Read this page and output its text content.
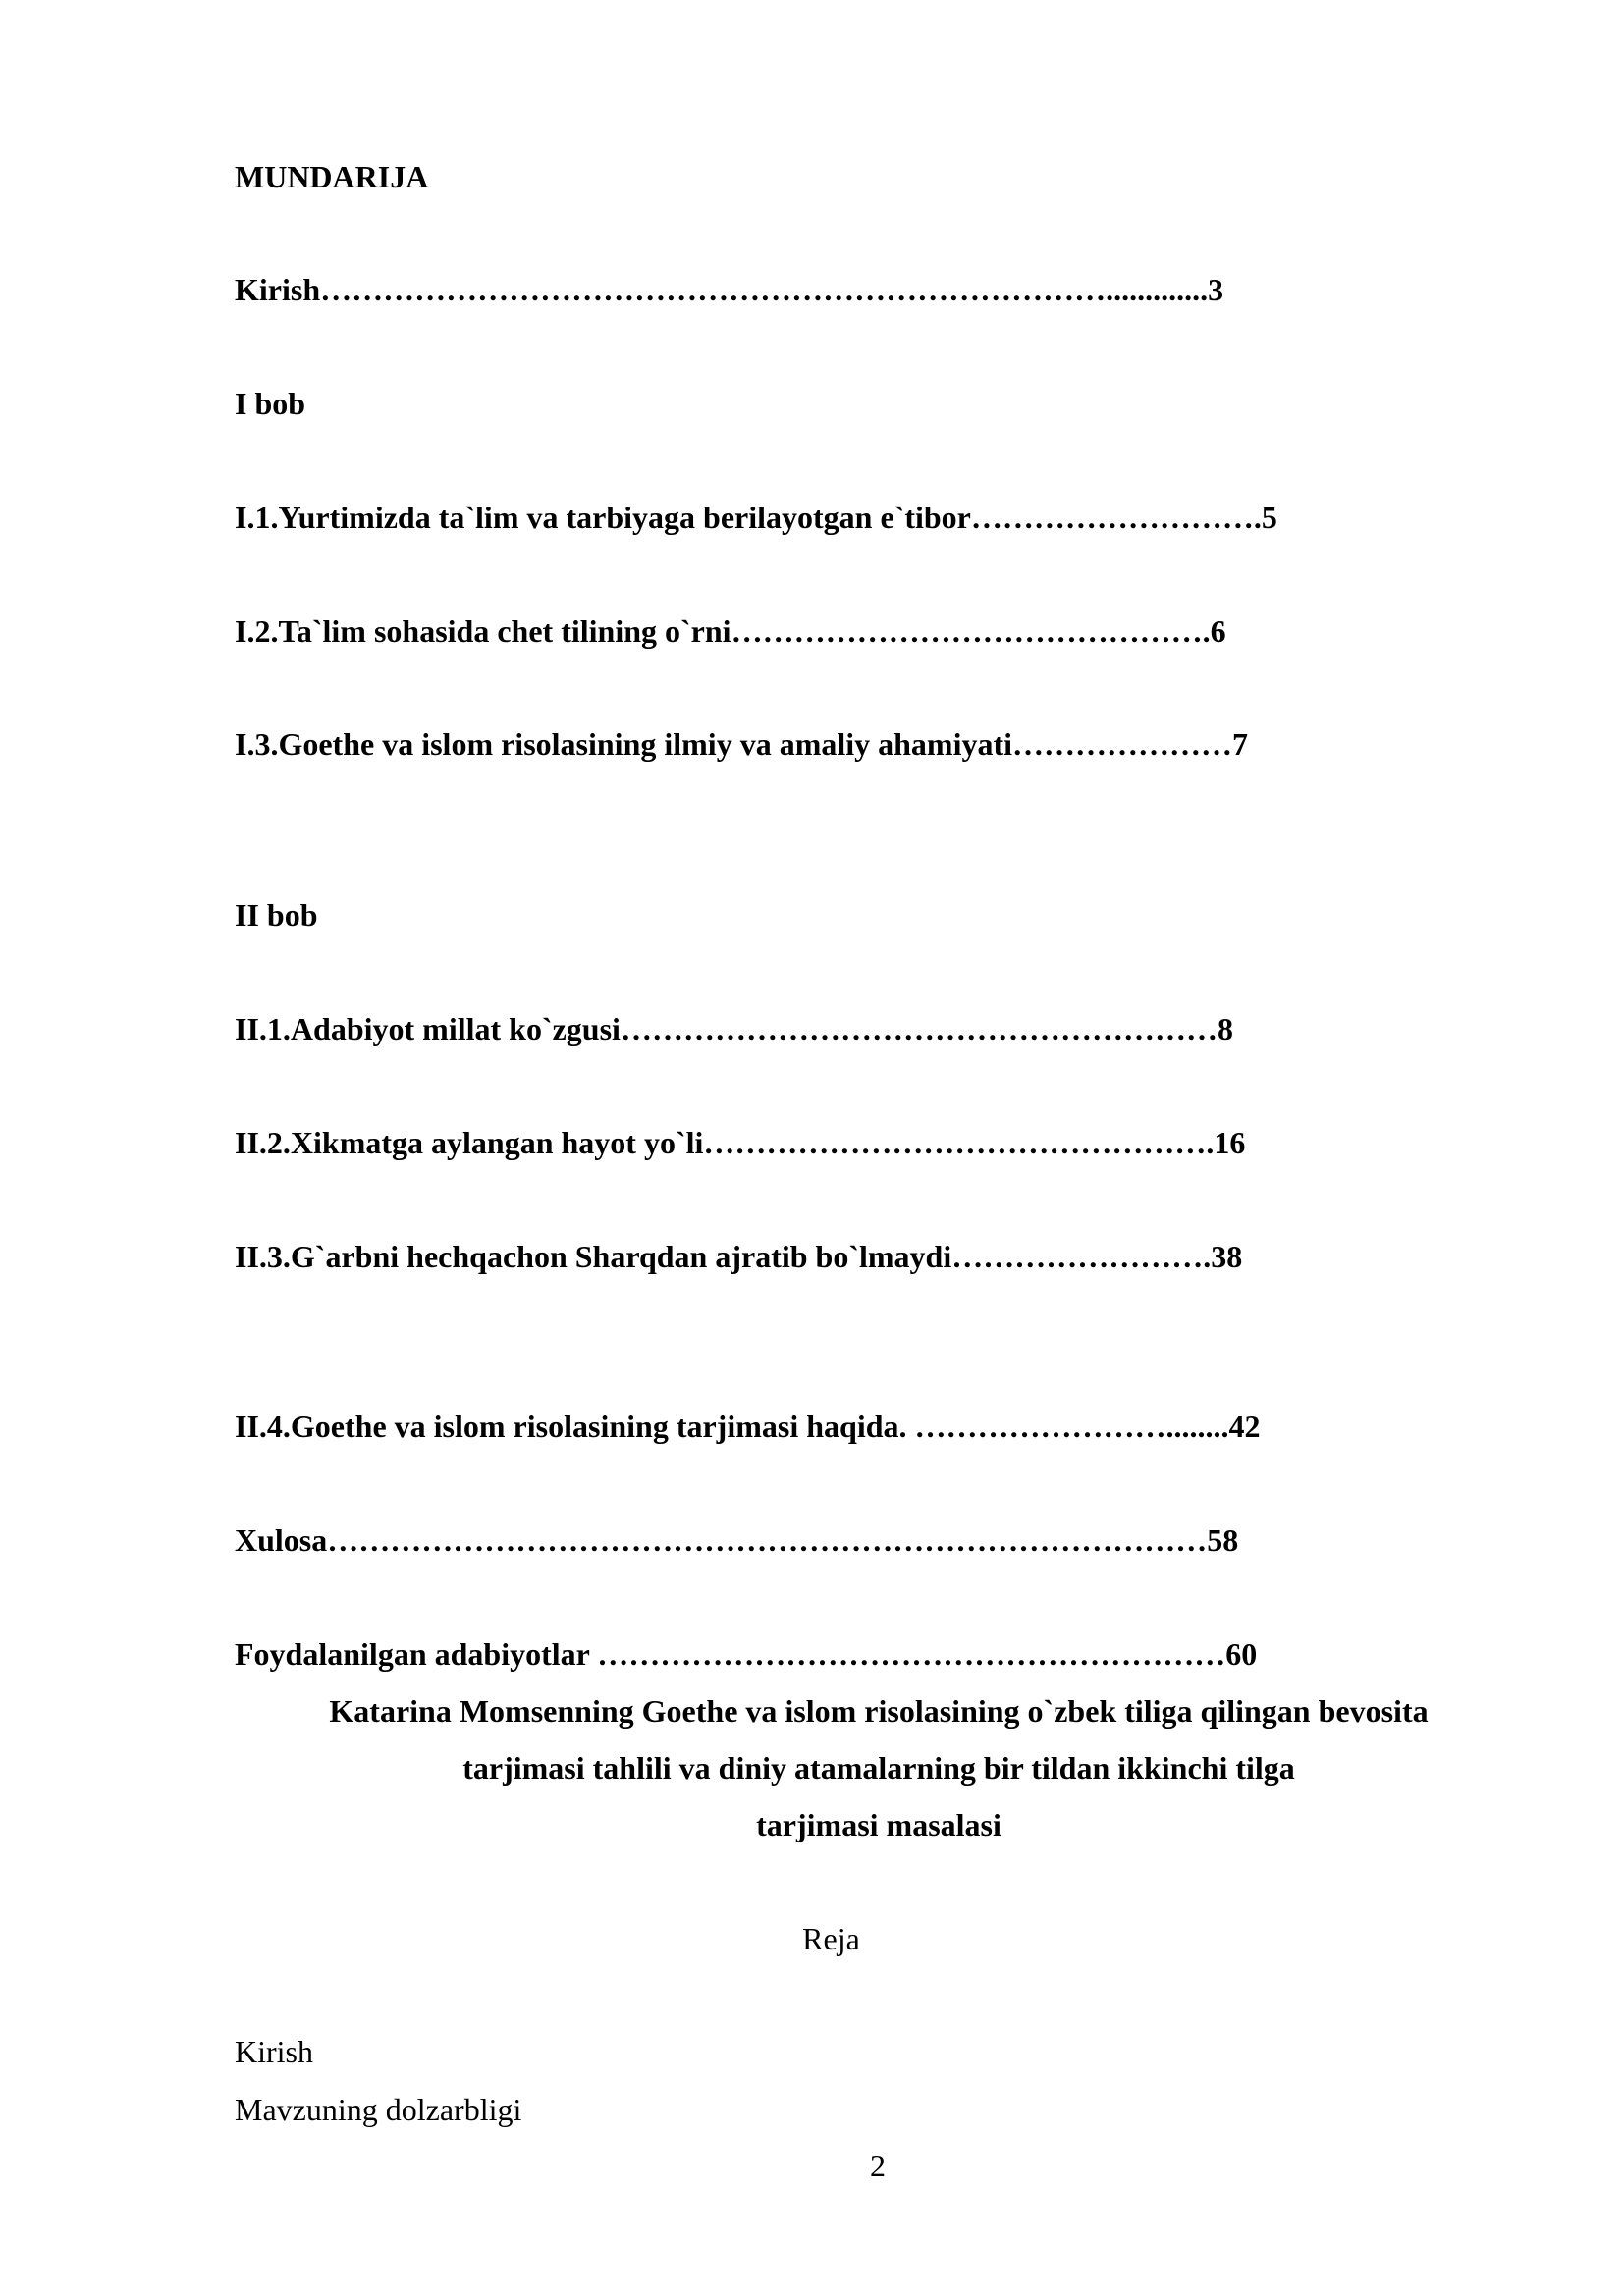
MUNDARIJA

Kirish………………………………………………………………….............3

I bob

I.1.Yurtimizda ta`lim va tarbiyaga berilayotgan e`tibor……………………….5

I.2.Ta`lim sohasida chet tilining o`rni……………………………………….6

I.3.Goethe va islom risolasining ilmiy va amaliy ahamiyati…………………7

II bob

II.1.Adabiyot millat ko`zgusi…………………………………………………8

II.2.Xikmatga aylangan hayot yo`li………………………………………….16

II.3.G`arbni hechqachon Sharqdan ajratib bo`lmaydi…………………….38

II.4.Goethe va islom risolasining tarjimasi haqida. ……………………........42

Xulosa…………………………………………………………………………58

Foydalanilgan adabiyotlar ……………………………………………………60

Katarina Momsenning Goethe va islom risolasining o`zbek tiliga qilingan bevosita
tarjimasi tahlili va diniy atamalarning bir tildan ikkinchi tilga
tarjimasi masalasi

Reja

Kirish

Mavzuning dolzarbligi

2
